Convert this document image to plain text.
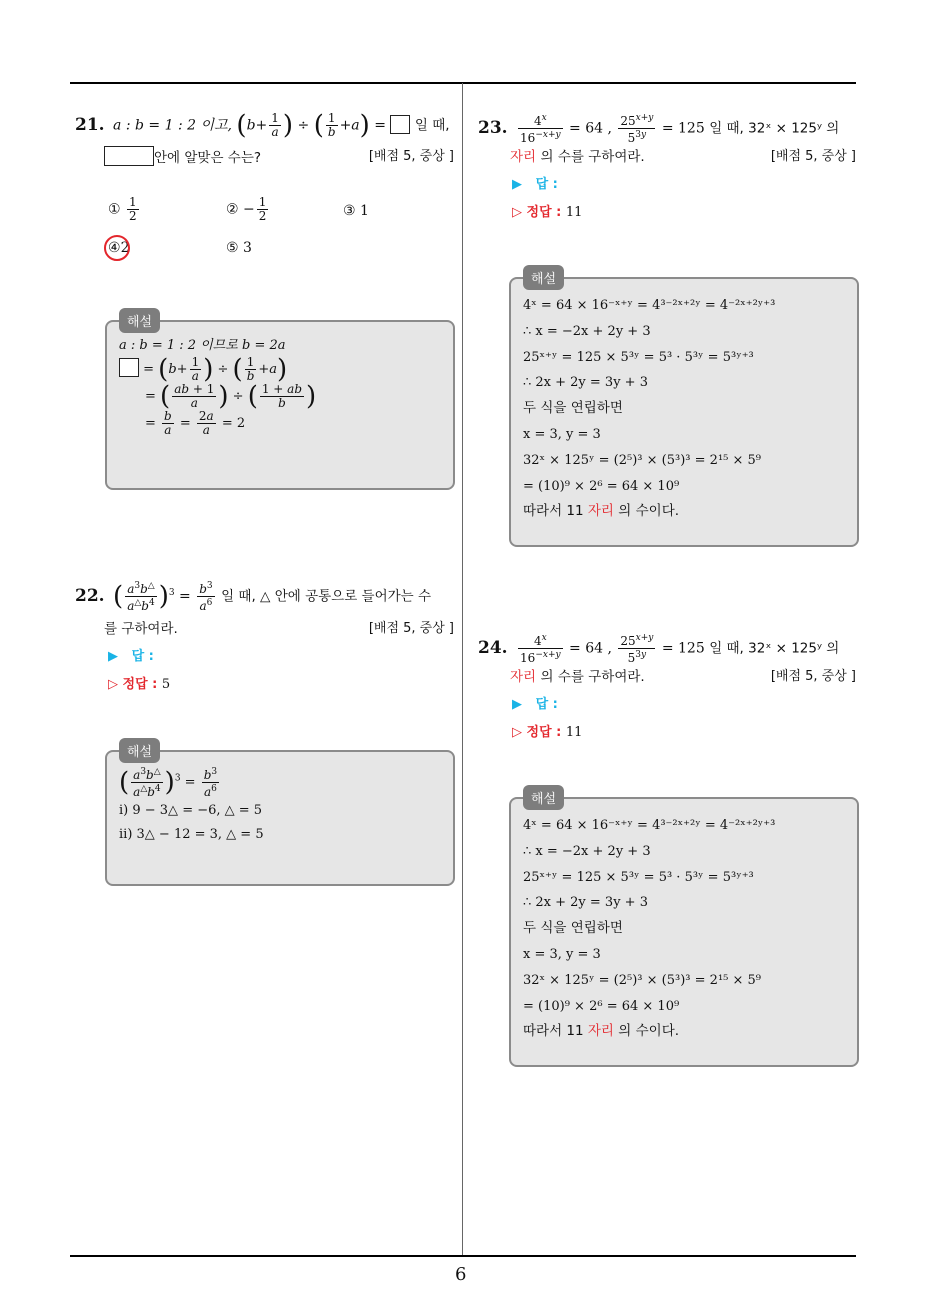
6
21. a : b = 1 : 2 이고, ($b+ \frac{1}{a}$ ) ÷ ( $\frac{1}{b} +a$) =  일 때,
안에 알맞은 수는?	[배점 5, 중상 ]
① $\frac{1}{2}$	② − $\frac{1}{2}$	③ 1
④2	⑤ 3
해설
a : b = 1 : 2 이므로 b = 2a
= ($b+ \frac{1}{a}$ ) ÷ ( $\frac{1}{b} +a$)
= ( $\frac{ab + 1}{a}$ ) ÷ ( $\frac{1 + ab}{b}$ )
= $\frac{b}{a} = \frac{2a}{a} = 2$
22. ( $\frac{a^3b^\triangle}{a^\triangle b^4} )^3 = \frac{b^3}{a^6}$ 일 때, △ 안에 공통으로 들어가는 수
를 구하여라.	[배점 5, 중상 ]
▶   답 :
▷ 정답 : 5
해설
( $\frac{a^3b^\triangle}{a^\triangle b^4} )^3 = \frac{b^3}{a^6}$
ⅰ) 9 − 3△ = −6, △ = 5
ⅱ) 3△ − 12 = 3, △ = 5
23. $\frac{4^x}{16^{-x+y}} = 64$ , $\frac{25^{x+y}}{5^{3y}} = 125$ 일 때, 32ˣ × 125ʸ 의
자리 의 수를 구하여라.	[배점 5, 중상 ]
▶   답 :
▷ 정답 : 11
해설
4ˣ = 64 × 16⁻ˣ⁺ʸ = 4³⁻²ˣ⁺²ʸ = 4⁻²ˣ⁺²ʸ⁺³
∴ x = −2x + 2y + 3
25ˣ⁺ʸ = 125 × 5³ʸ = 5³ · 5³ʸ = 5³ʸ⁺³
∴ 2x + 2y = 3y + 3
두 식을 연립하면
x = 3, y = 3
32ˣ × 125ʸ = (2⁵)³ × (5³)³ = 2¹⁵ × 5⁹
= (10)⁹ × 2⁶ = 64 × 10⁹
따라서 11 자리 의 수이다.
24. $\frac{4^x}{16^{-x+y}} = 64$ , $\frac{25^{x+y}}{5^{3y}} = 125$ 일 때, 32ˣ × 125ʸ 의
자리 의 수를 구하여라.	[배점 5, 중상 ]
▶   답 :
▷ 정답 : 11
해설
4ˣ = 64 × 16⁻ˣ⁺ʸ = 4³⁻²ˣ⁺²ʸ = 4⁻²ˣ⁺²ʸ⁺³
∴ x = −2x + 2y + 3
25ˣ⁺ʸ = 125 × 5³ʸ = 5³ · 5³ʸ = 5³ʸ⁺³
∴ 2x + 2y = 3y + 3
두 식을 연립하면
x = 3, y = 3
32ˣ × 125ʸ = (2⁵)³ × (5³)³ = 2¹⁵ × 5⁹
= (10)⁹ × 2⁶ = 64 × 10⁹
따라서 11 자리 의 수이다.
